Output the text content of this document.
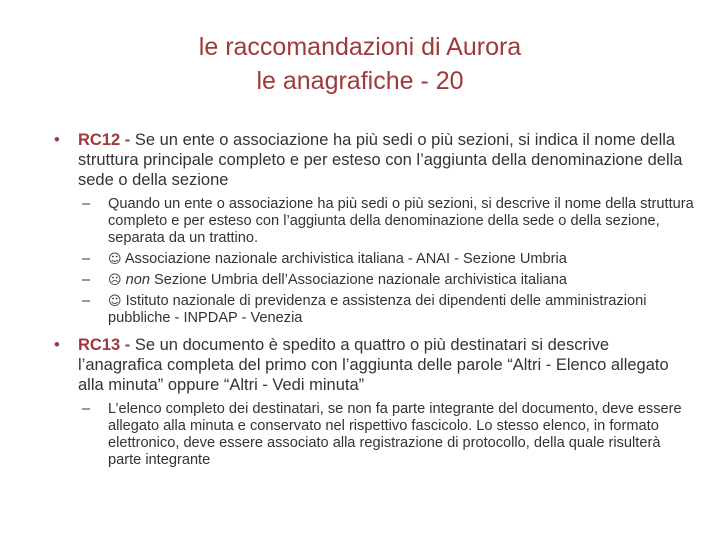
le raccomandazioni di Aurora
le anagrafiche - 20
• RC12 - Se un ente o associazione ha più sedi o più sezioni, si indica il nome della struttura principale completo e per esteso con l’aggiunta della denominazione della sede o della sezione
– Quando un ente o associazione ha più sedi o più sezioni, si descrive il nome della struttura completo e per esteso con l’aggiunta della denominazione della sede o della sezione, separata da un trattino.
– ☺ Associazione nazionale archivistica italiana - ANAI - Sezione Umbria
– ☹ non Sezione Umbria dell’Associazione nazionale archivistica italiana
– ☺ Istituto nazionale di previdenza e assistenza dei dipendenti delle amministrazioni pubbliche - INPDAP - Venezia
• RC13 - Se un documento è spedito a quattro o più destinatari si descrive l’anagrafica completa del primo con l’aggiunta delle parole “Altri - Elenco allegato alla minuta” oppure “Altri - Vedi minuta”
– L’elenco completo dei destinatari, se non fa parte integrante del documento, deve essere allegato alla minuta e conservato nel rispettivo fascicolo. Lo stesso elenco, in formato elettronico, deve essere associato alla registrazione di protocollo, della quale risulterà parte integrante
